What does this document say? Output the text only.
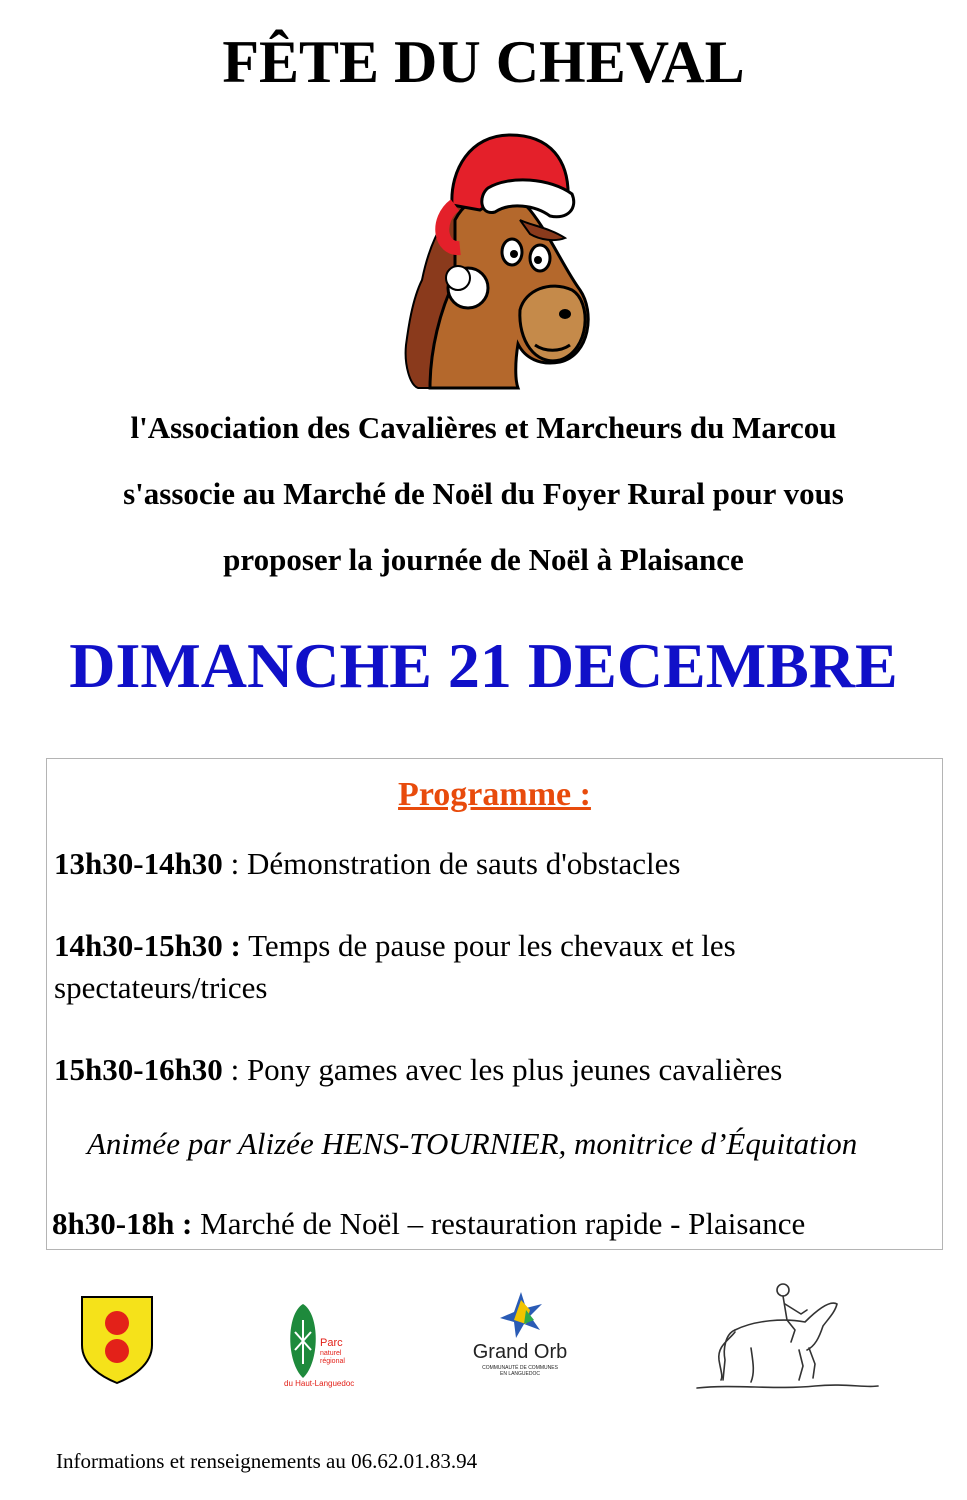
FÊTE DU CHEVAL
l'Association des Cavalières et Marcheurs du Marcou
s'associe au Marché de Noël du Foyer Rural pour vous
proposer la journée de Noël à Plaisance
DIMANCHE 21 DECEMBRE
Programme :
13h30-14h30 : Démonstration de sauts d'obstacles
14h30-15h30 : Temps de pause pour les chevaux et les
spectateurs/trices
15h30-16h30 : Pony games avec les plus jeunes cavalières
Animée par Alizée HENS-TOURNIER, monitrice d’Équitation
8h30-18h : Marché de Noël – restauration rapide - Plaisance
Parc
naturel
régional
du Haut-Languedoc
Grand Orb
COMMUNAUTÉ DE COMMUNES
EN LANGUEDOC
Informations et renseignements au 06.62.01.83.94
